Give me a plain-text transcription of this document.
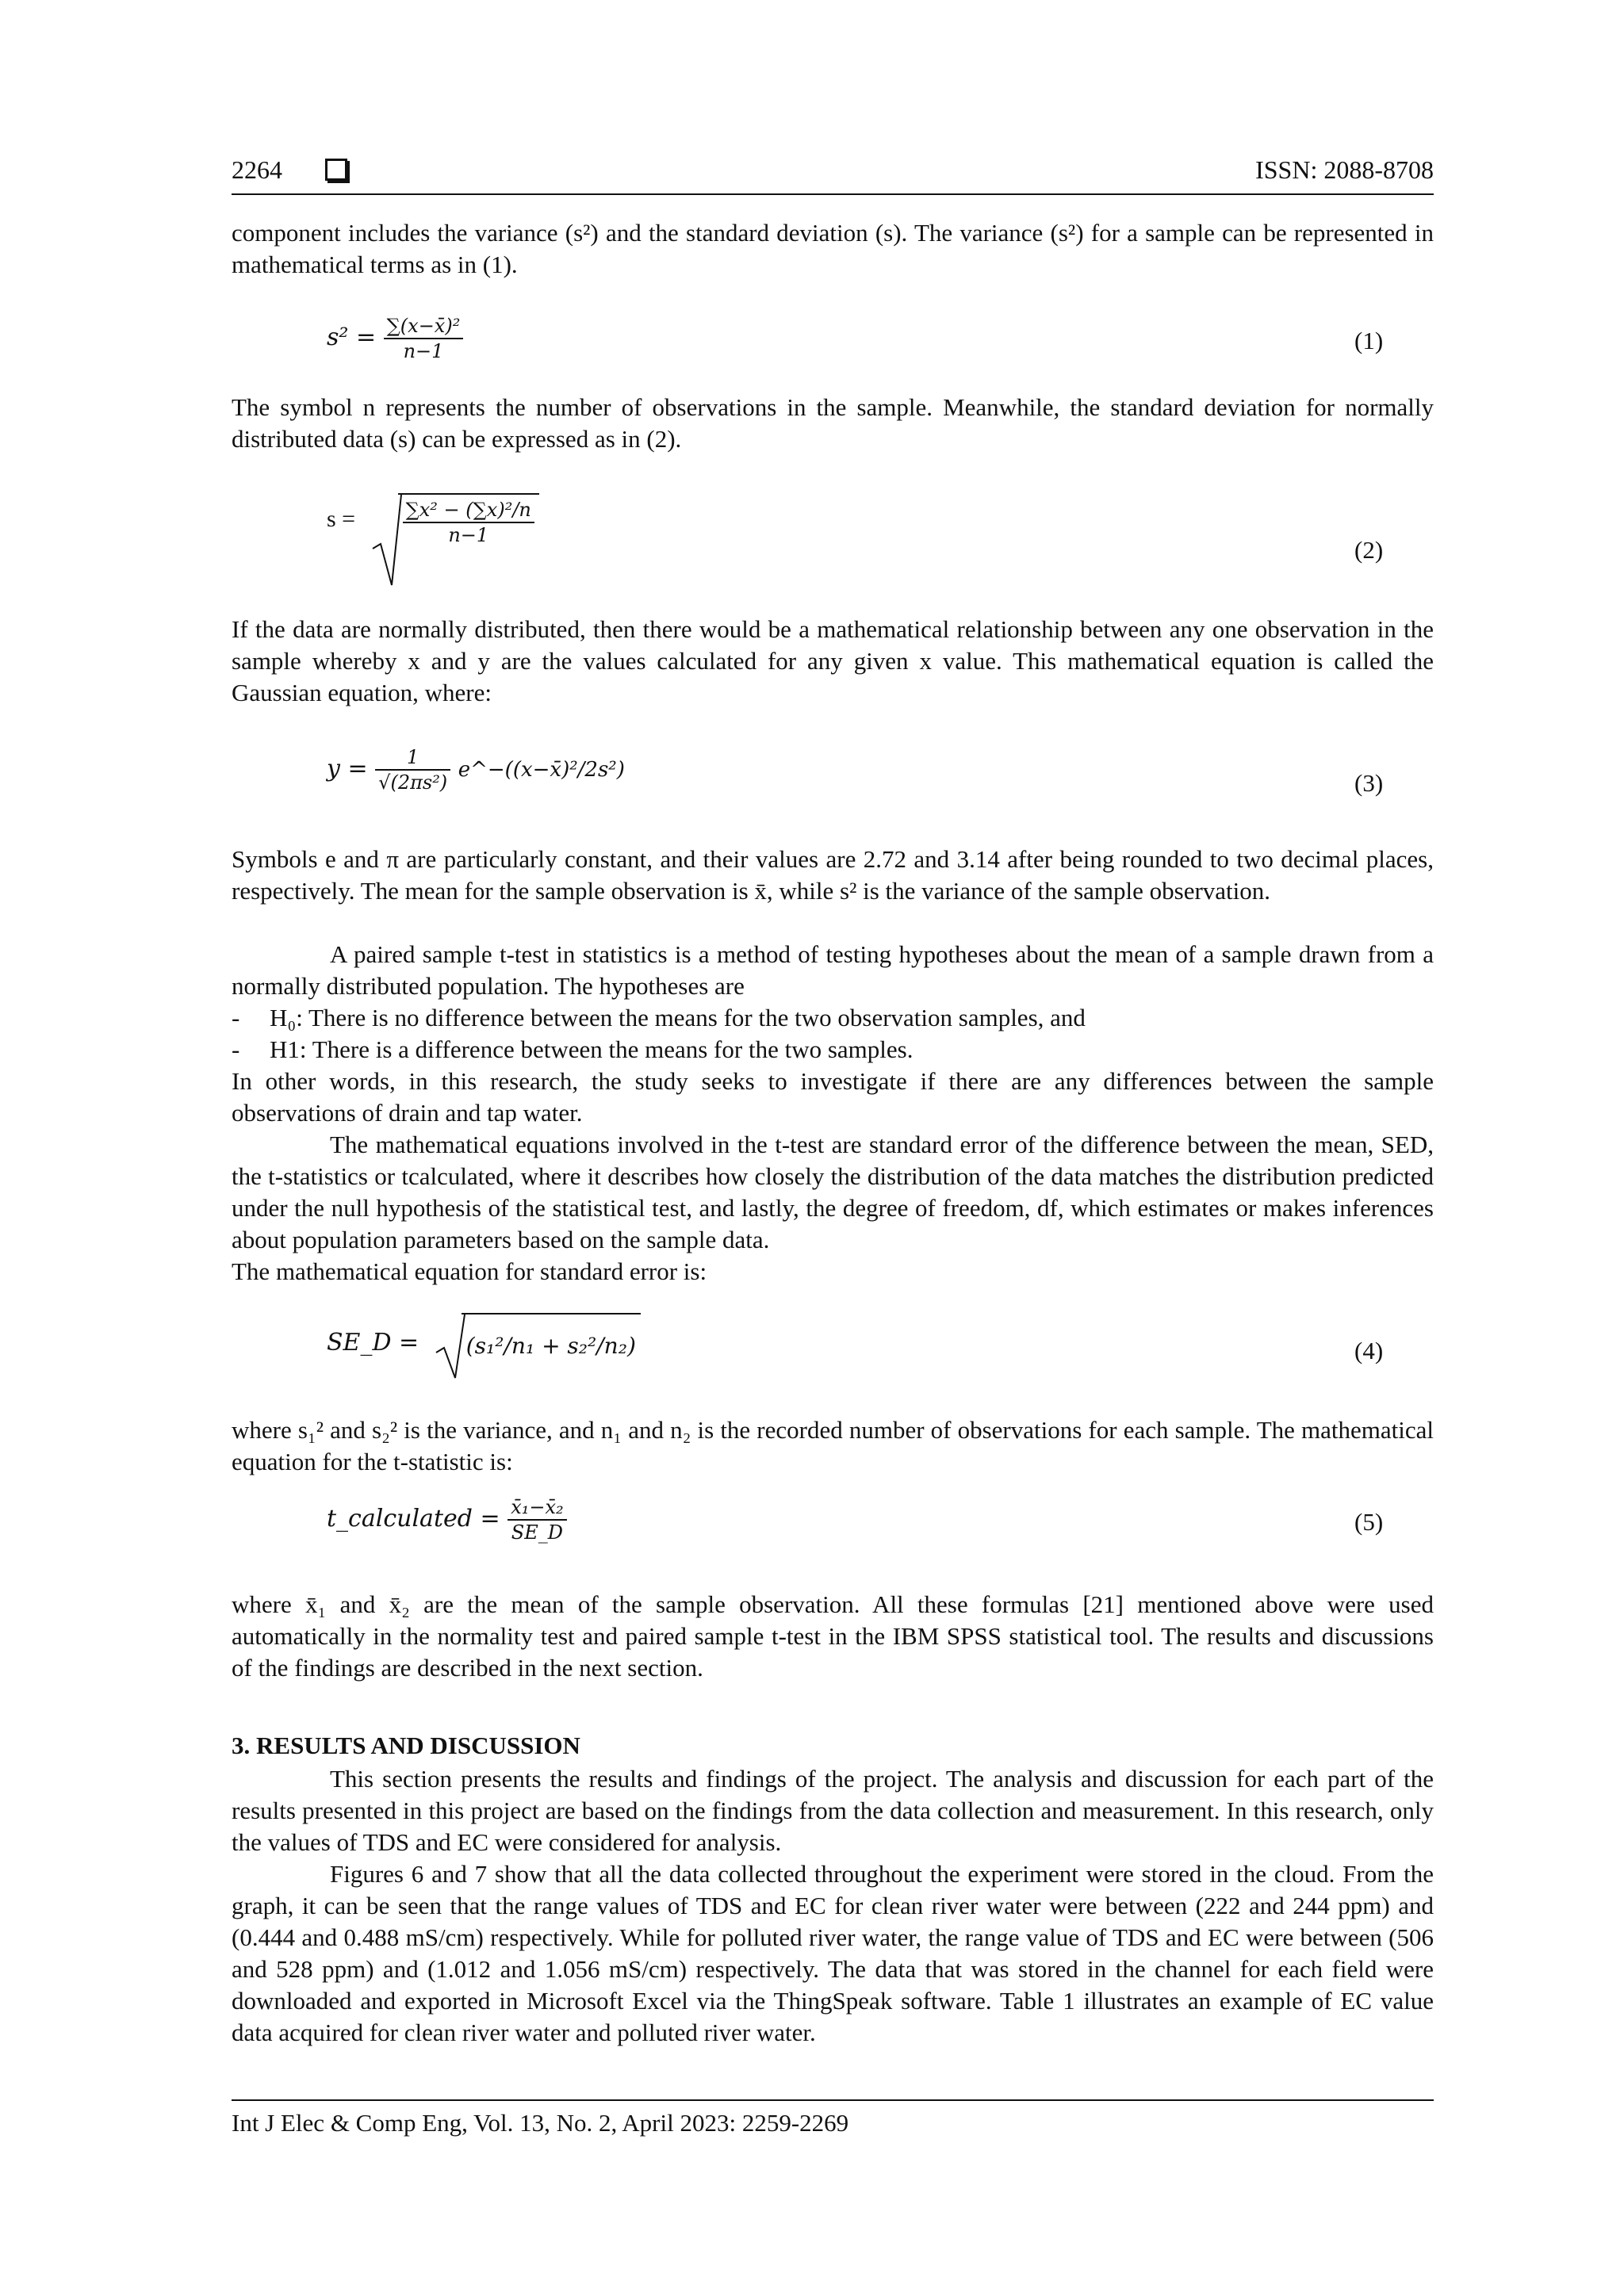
2264	ISSN: 2088-8708

component includes the variance (s²) and the standard deviation (s). The variance (s²) for a sample can be represented in mathematical terms as in (1).

$s^2 = \frac{\text{∑(x−x̄)²}}{n-1}$	(1)

The symbol n represents the number of observations in the sample. Meanwhile, the standard deviation for normally distributed data (s) can be expressed as in (2).

$s = \frac{\text{∑x² − (∑x)²/n}}{n-1}$
(2)

If the data are normally distributed, then there would be a mathematical relationship between any one observation in the sample whereby x and y are the values calculated for any given x value. This mathematical equation is called the Gaussian equation, where:

$y = \frac{1}{\text{√(2πs²)}}$ e^−((x−x̄)²/2s²)	(3)

Symbols e and π are particularly constant, and their values are 2.72 and 3.14 after being rounded to two decimal places, respectively. The mean for the sample observation is x̄, while s² is the variance of the sample observation.

A paired sample t-test in statistics is a method of testing hypotheses about the mean of a sample drawn from a normally distributed population. The hypotheses are

- H₀: There is no difference between the means for the two observation samples, and
- H1: There is a difference between the means for the two samples.

In other words, in this research, the study seeks to investigate if there are any differences between the sample observations of drain and tap water.

The mathematical equations involved in the t-test are standard error of the difference between the mean, SED, the t-statistics or tcalculated, where it describes how closely the distribution of the data matches the distribution predicted under the null hypothesis of the statistical test, and lastly, the degree of freedom, df, which estimates or makes inferences about population parameters based on the sample data.

The mathematical equation for standard error is:

SE_D = (s₁²/n₁ + s₂²/n₂)	(4)

where s₁² and s₂² is the variance, and n₁ and n₂ is the recorded number of observations for each sample. The mathematical equation for the t-statistic is:

t_calculated = $\frac{\text{x̄₁−x̄₂}}{SE\_D}$	(5)

where x̄₁ and x̄₂ are the mean of the sample observation. All these formulas [21] mentioned above were used automatically in the normality test and paired sample t-test in the IBM SPSS statistical tool. The results and discussions of the findings are described in the next section.

3. RESULTS AND DISCUSSION

This section presents the results and findings of the project. The analysis and discussion for each part of the results presented in this project are based on the findings from the data collection and measurement. In this research, only the values of TDS and EC were considered for analysis.

Figures 6 and 7 show that all the data collected throughout the experiment were stored in the cloud. From the graph, it can be seen that the range values of TDS and EC for clean river water were between (222 and 244 ppm) and (0.444 and 0.488 mS/cm) respectively. While for polluted river water, the range value of TDS and EC were between (506 and 528 ppm) and (1.012 and 1.056 mS/cm) respectively. The data that was stored in the channel for each field were downloaded and exported in Microsoft Excel via the ThingSpeak software. Table 1 illustrates an example of EC value data acquired for clean river water and polluted river water.

Int J Elec & Comp Eng, Vol. 13, No. 2, April 2023: 2259-2269
